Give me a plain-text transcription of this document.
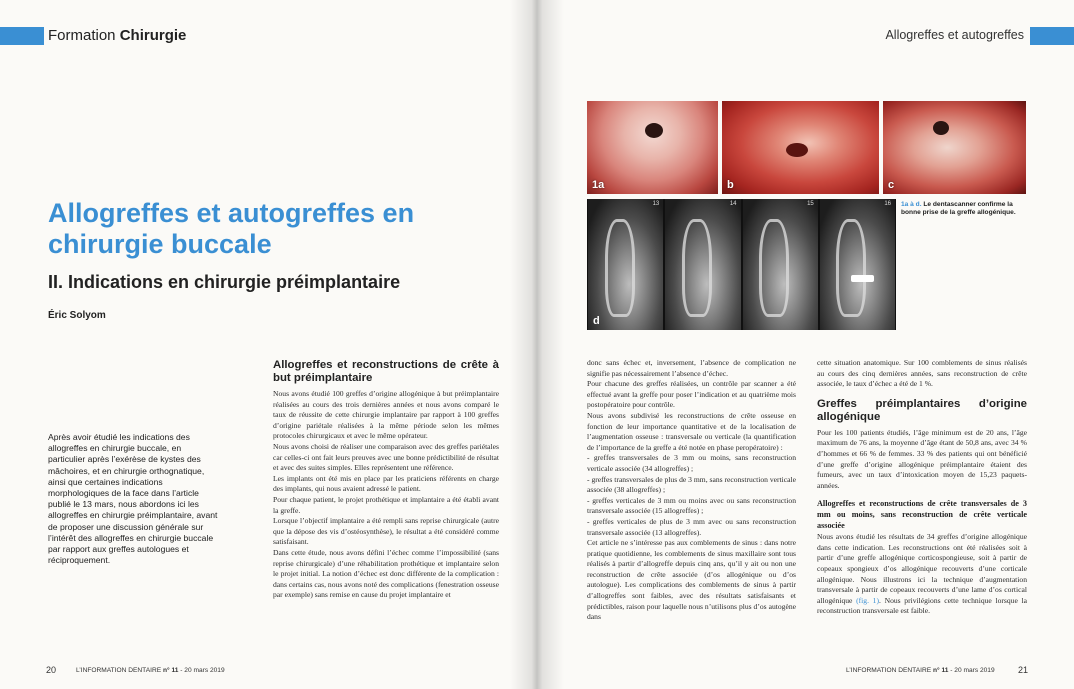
Formation Chirurgie
Allogreffes et autogreffes en chirurgie buccale
II. Indications en chirurgie préimplantaire
Éric Solyom

Après avoir étudié les indications des allogreffes en chirurgie buccale, en particulier après l’exérèse de kystes des mâchoires, et en chirurgie orthognatique, ainsi que certaines indications morphologiques de la face dans l’article publié le 13 mars, nous abordons ici les allogreffes en chirurgie préimplantaire, avant de proposer une discussion générale sur l’intérêt des allogreffes en chirurgie buccale par rapport aux greffes autologues et réciproquement.

20	L’INFORMATION DENTAIRE n° 11 - 20 mars 2019
Allogreffes et autogreffes
21
L’INFORMATION DENTAIRE n° 11 - 20 mars 2019
Allogreffes et reconstructions de crête à but préimplantaire

Nous avons étudié 100 greffes d’origine allogénique à but préimplantaire réalisées au cours des trois dernières années et nous avons comparé le taux de réussite de cette chirurgie implantaire par rapport à 100 greffes d’origine pariétale réalisées à la même période selon les mêmes protocoles chirurgicaux et avec le même opérateur.

Nous avons choisi de réaliser une comparaison avec des greffes pariétales car celles-ci ont fait leurs preuves avec une bonne prédictibilité de résultat et avec des suites simples. Elles représentent une référence.

Les implants ont été mis en place par les praticiens référents en charge des implants, qui nous avaient adressé le patient.

Pour chaque patient, le projet prothétique et implantaire a été établi avant la greffe.

Lorsque l’objectif implantaire a été rempli sans reprise chirurgicale (autre que la dépose des vis d’ostéosynthèse), le résultat a été considéré comme satisfaisant.

Dans cette étude, nous avons défini l’échec comme l’impossibilité (sans reprise chirurgicale) d’une réhabilitation prothétique et implantaire selon le projet initial. La notion d’échec est donc différente de la complication : dans certains cas, nous avons noté des complications (fenestration osseuse par exemple) sans remise en cause du projet implantaire et

donc sans échec et, inversement, l’absence de complication ne signifie pas nécessairement l’absence d’échec.

Pour chacune des greffes réalisées, un contrôle par scanner a été effectué avant la greffe pour poser l’indication et au quatrième mois postopératoire pour contrôle.

Nous avons subdivisé les reconstructions de crête osseuse en fonction de leur importance quantitative et de la localisation de l’augmentation osseuse : transversale ou verticale (la quantification de l’importance de la greffe a été notée en phase peropératoire) :

- greffes transversales de 3 mm ou moins, sans reconstruction verticale associée (34 allogreffes) ;

- greffes transversales de plus de 3 mm, sans reconstruction verticale associée (38 allogreffes) ;

- greffes verticales de 3 mm ou moins avec ou sans reconstruction transversale associée (15 allogreffes) ;

- greffes verticales de plus de 3 mm avec ou sans reconstruction transversale associée (13 allogreffes).

Cet article ne s’intéresse pas aux comblements de sinus : dans notre pratique quotidienne, les comblements de sinus maxillaire sont tous réalisés à partir d’allogreffe depuis cinq ans, qu’il y ait ou non une reconstruction de crête associée (d’os allogénique ou d’os autologue). Les complications des comblements de sinus à partir d’allogreffes sont faibles, avec des résultats satisfaisants et prédictibles, raison pour laquelle nous n’utilisons plus d’os autogène dans

cette situation anatomique. Sur 100 comblements de sinus réalisés au cours des cinq dernières années, sans reconstruction de crête associée, le taux d’échec a été de 1 %.

Greffes préimplantaires d’origine allogénique

Pour les 100 patients étudiés, l’âge minimum est de 20 ans, l’âge maximum de 76 ans, la moyenne d’âge étant de 50,8 ans, avec 34 % d’hommes et 66 % de femmes. 33 % des patients qui ont bénéficié d’une greffe d’origine allogénique préimplantaire étaient des fumeurs, avec un taux d’intoxication moyen de 15,23 paquets-années.

Allogreffes et reconstructions de crête transversales de 3 mm ou moins, sans reconstruction de crête verticale associée

Nous avons étudié les résultats de 34 greffes d’origine allogénique dans cette indication. Les reconstructions ont été réalisées soit à partir d’une greffe allogénique corticospongieuse, soit à partir de copeaux spongieux d’os allogénique recouverts d’une corticale allogénique. Nous illustrons ici la technique d’augmentation transversale à partir de copeaux recouverts d’une lame d’os cortical allogénique (fig. 1). Nous privilégions cette technique lorsque la reconstruction transversale est faible.

1a	b	c
13	14	15	16
d
1a à d. Le dentascanner confirme la bonne prise de la greffe allogénique.
